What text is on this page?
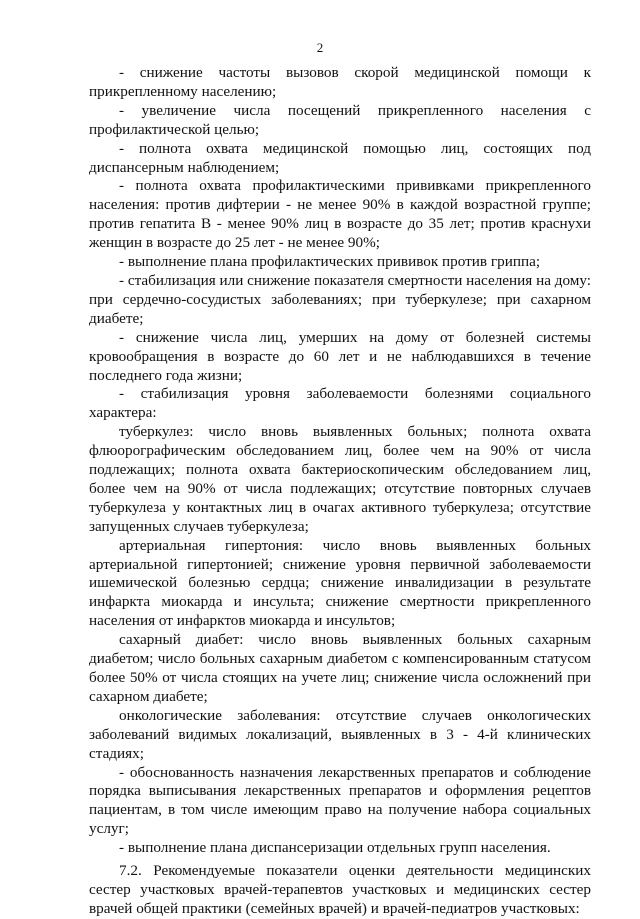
2

- снижение частоты вызовов скорой медицинской помощи к прикрепленному населению;

- увеличение числа посещений прикрепленного населения с профилактической целью;

- полнота охвата медицинской помощью лиц, состоящих под диспансерным наблюдением;

- полнота охвата профилактическими прививками прикрепленного населения: против дифтерии - не менее 90% в каждой возрастной группе; против гепатита В - менее 90% лиц в возрасте до 35 лет; против краснухи женщин в возрасте до 25 лет - не менее 90%;

- выполнение плана профилактических прививок против гриппа;

- стабилизация или снижение показателя смертности населения на дому: при сердечно-сосудистых заболеваниях; при туберкулезе; при сахарном диабете;

- снижение числа лиц, умерших на дому от болезней системы кровообращения в возрасте до 60 лет и не наблюдавшихся в течение последнего года жизни;

- стабилизация уровня заболеваемости болезнями социального характера:

туберкулез: число вновь выявленных больных; полнота охвата флюорографическим обследованием лиц, более чем на 90% от числа подлежащих; полнота охвата бактериоскопическим обследованием лиц, более чем на 90% от числа подлежащих; отсутствие повторных случаев туберкулеза у контактных лиц в очагах активного туберкулеза; отсутствие запущенных случаев туберкулеза;

артериальная гипертония: число вновь выявленных больных артериальной гипертонией; снижение уровня первичной заболеваемости ишемической болезнью сердца; снижение инвалидизации в результате инфаркта миокарда и инсульта; снижение смертности прикрепленного населения от инфарктов миокарда и инсультов;

сахарный диабет: число вновь выявленных больных сахарным диабетом; число больных сахарным диабетом с компенсированным статусом более 50% от числа стоящих на учете лиц; снижение числа осложнений при сахарном диабете;

онкологические заболевания: отсутствие случаев онкологических заболеваний видимых локализаций, выявленных в 3 - 4-й клинических стадиях;

- обоснованность назначения лекарственных препаратов и соблюдение порядка выписывания лекарственных препаратов и оформления рецептов пациентам, в том числе имеющим право на получение набора социальных услуг;

- выполнение плана диспансеризации отдельных групп населения.

7.2. Рекомендуемые показатели оценки деятельности медицинских сестер участковых врачей-терапевтов участковых и медицинских сестер врачей общей практики (семейных врачей) и врачей-педиатров участковых:
